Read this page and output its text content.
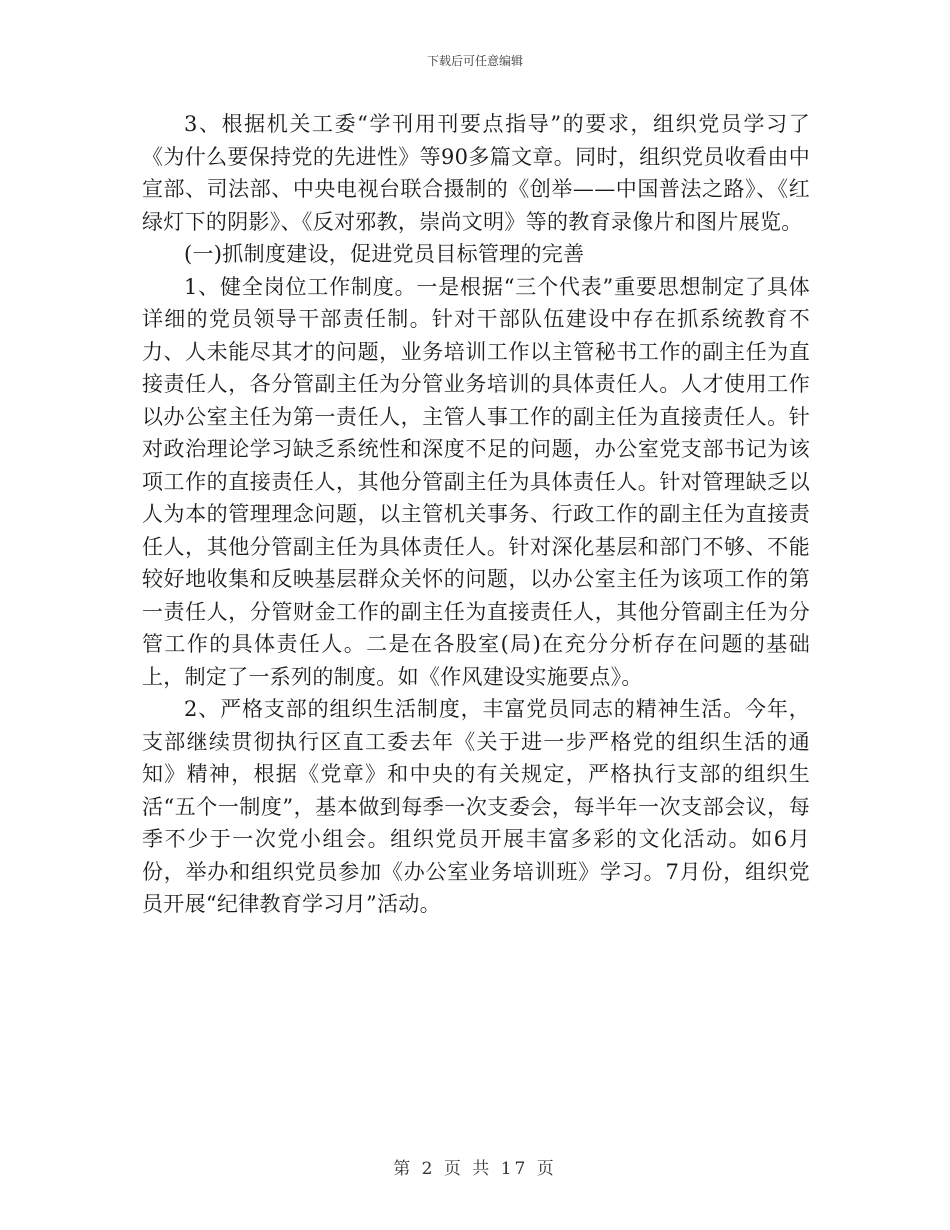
下载后可任意编辑

3、根据机关工委“学刊用刊要点指导”的要求，组织党员学习了《为什么要保持党的先进性》等90多篇文章。同时，组织党员收看由中宣部、司法部、中央电视台联合摄制的《创举——中国普法之路》、《红绿灯下的阴影》、《反对邪教，崇尚文明》等的教育录像片和图片展览。

(一)抓制度建设，促进党员目标管理的完善

1、健全岗位工作制度。一是根据“三个代表”重要思想制定了具体详细的党员领导干部责任制。针对干部队伍建设中存在抓系统教育不力、人未能尽其才的问题，业务培训工作以主管秘书工作的副主任为直接责任人，各分管副主任为分管业务培训的具体责任人。人才使用工作以办公室主任为第一责任人，主管人事工作的副主任为直接责任人。针对政治理论学习缺乏系统性和深度不足的问题，办公室党支部书记为该项工作的直接责任人，其他分管副主任为具体责任人。针对管理缺乏以人为本的管理理念问题，以主管机关事务、行政工作的副主任为直接责任人，其他分管副主任为具体责任人。针对深化基层和部门不够、不能较好地收集和反映基层群众关怀的问题，以办公室主任为该项工作的第一责任人，分管财金工作的副主任为直接责任人，其他分管副主任为分管工作的具体责任人。二是在各股室(局)在充分分析存在问题的基础上，制定了一系列的制度。如《作风建设实施要点》。

2、严格支部的组织生活制度，丰富党员同志的精神生活。今年，支部继续贯彻执行区直工委去年《关于进一步严格党的组织生活的通知》精神，根据《党章》和中央的有关规定，严格执行支部的组织生活“五个一制度”，基本做到每季一次支委会，每半年一次支部会议，每季不少于一次党小组会。组织党员开展丰富多彩的文化活动。如6月份，举办和组织党员参加《办公室业务培训班》学习。7月份，组织党员开展“纪律教育学习月”活动。

第 2 页 共 17 页
